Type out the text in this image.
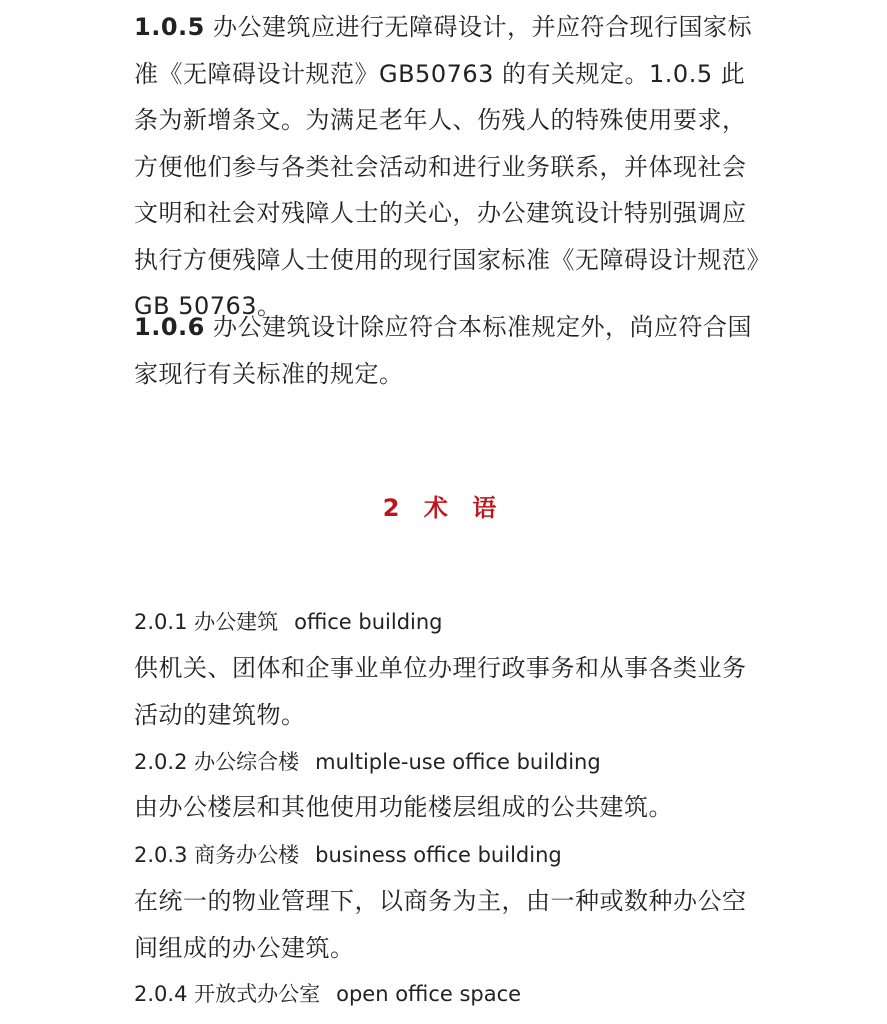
1.0.5 办公建筑应进行无障碍设计，并应符合现行国家标准《无障碍设计规范》GB50763 的有关规定。1.0.5 此条为新增条文。为满足老年人、伤残人的特殊使用要求，方便他们参与各类社会活动和进行业务联系，并体现社会文明和社会对残障人士的关心，办公建筑设计特别强调应执行方便残障人士使用的现行国家标准《无障碍设计规范》GB 50763。

1.0.6 办公建筑设计除应符合本标准规定外，尚应符合国家现行有关标准的规定。

2 术 语
2.0.1 办公建筑 office building

供机关、团体和企事业单位办理行政事务和从事各类业务活动的建筑物。

2.0.2 办公综合楼 multiple-use office building

由办公楼层和其他使用功能楼层组成的公共建筑。

2.0.3 商务办公楼 business office building

在统一的物业管理下，以商务为主，由一种或数种办公空间组成的办公建筑。

2.0.4 开放式办公室 open office space
